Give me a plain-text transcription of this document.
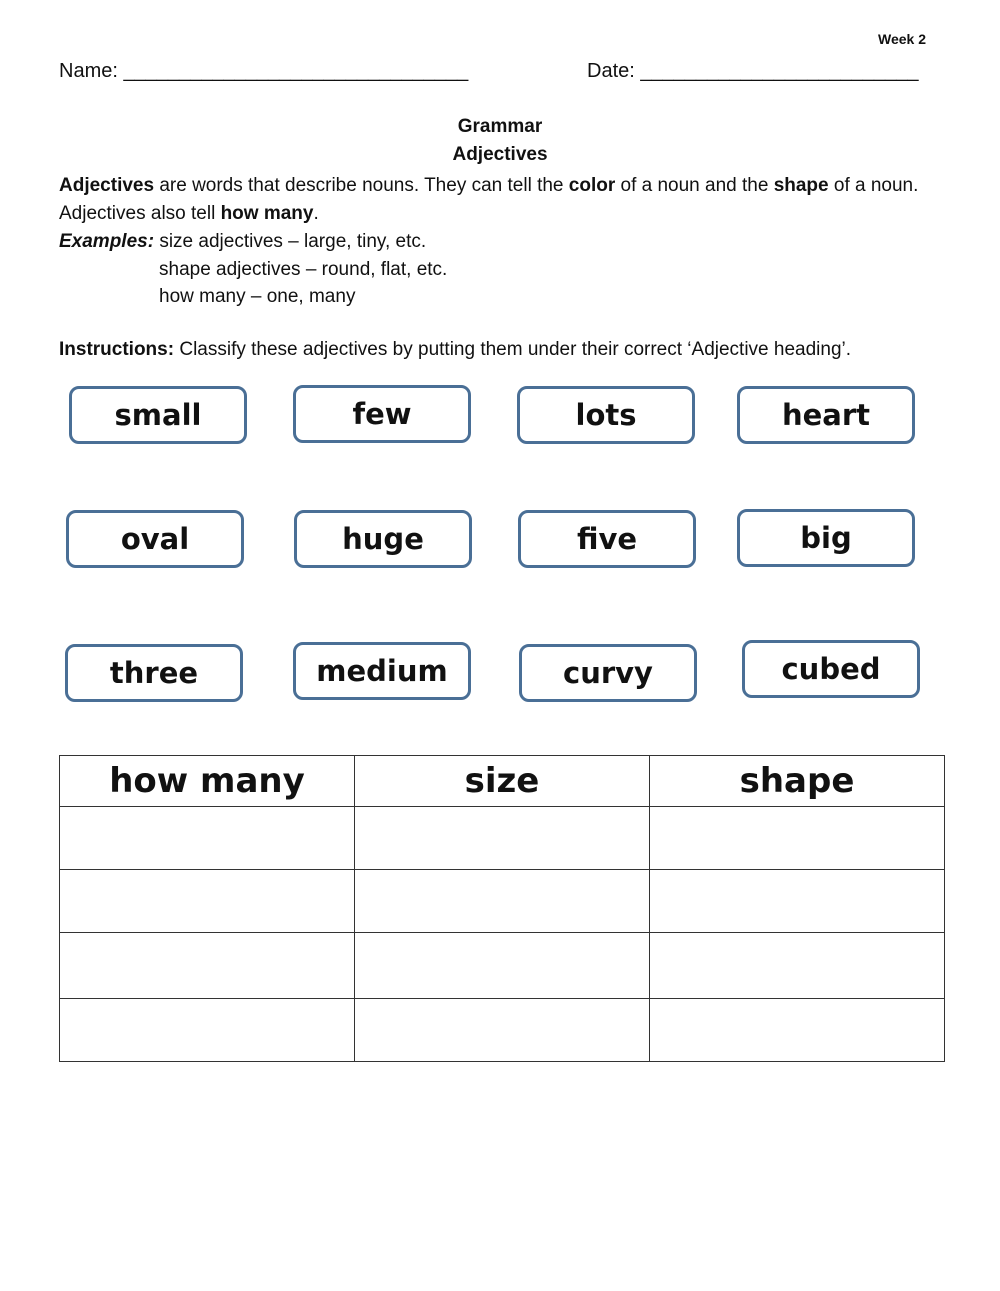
Week 2
Name: _______________________________	Date: _________________________
Grammar
Adjectives
Adjectives are words that describe nouns. They can tell the color of a noun and the shape of a noun. Adjectives also tell how many.
Examples: size adjectives – large, tiny, etc.
shape adjectives – round, flat, etc.
how many – one, many
Instructions: Classify these adjectives by putting them under their correct ‘Adjective heading’.
small	few	lots	heart
oval	huge	five	big
three	medium	curvy	cubed
how many	size	shape
